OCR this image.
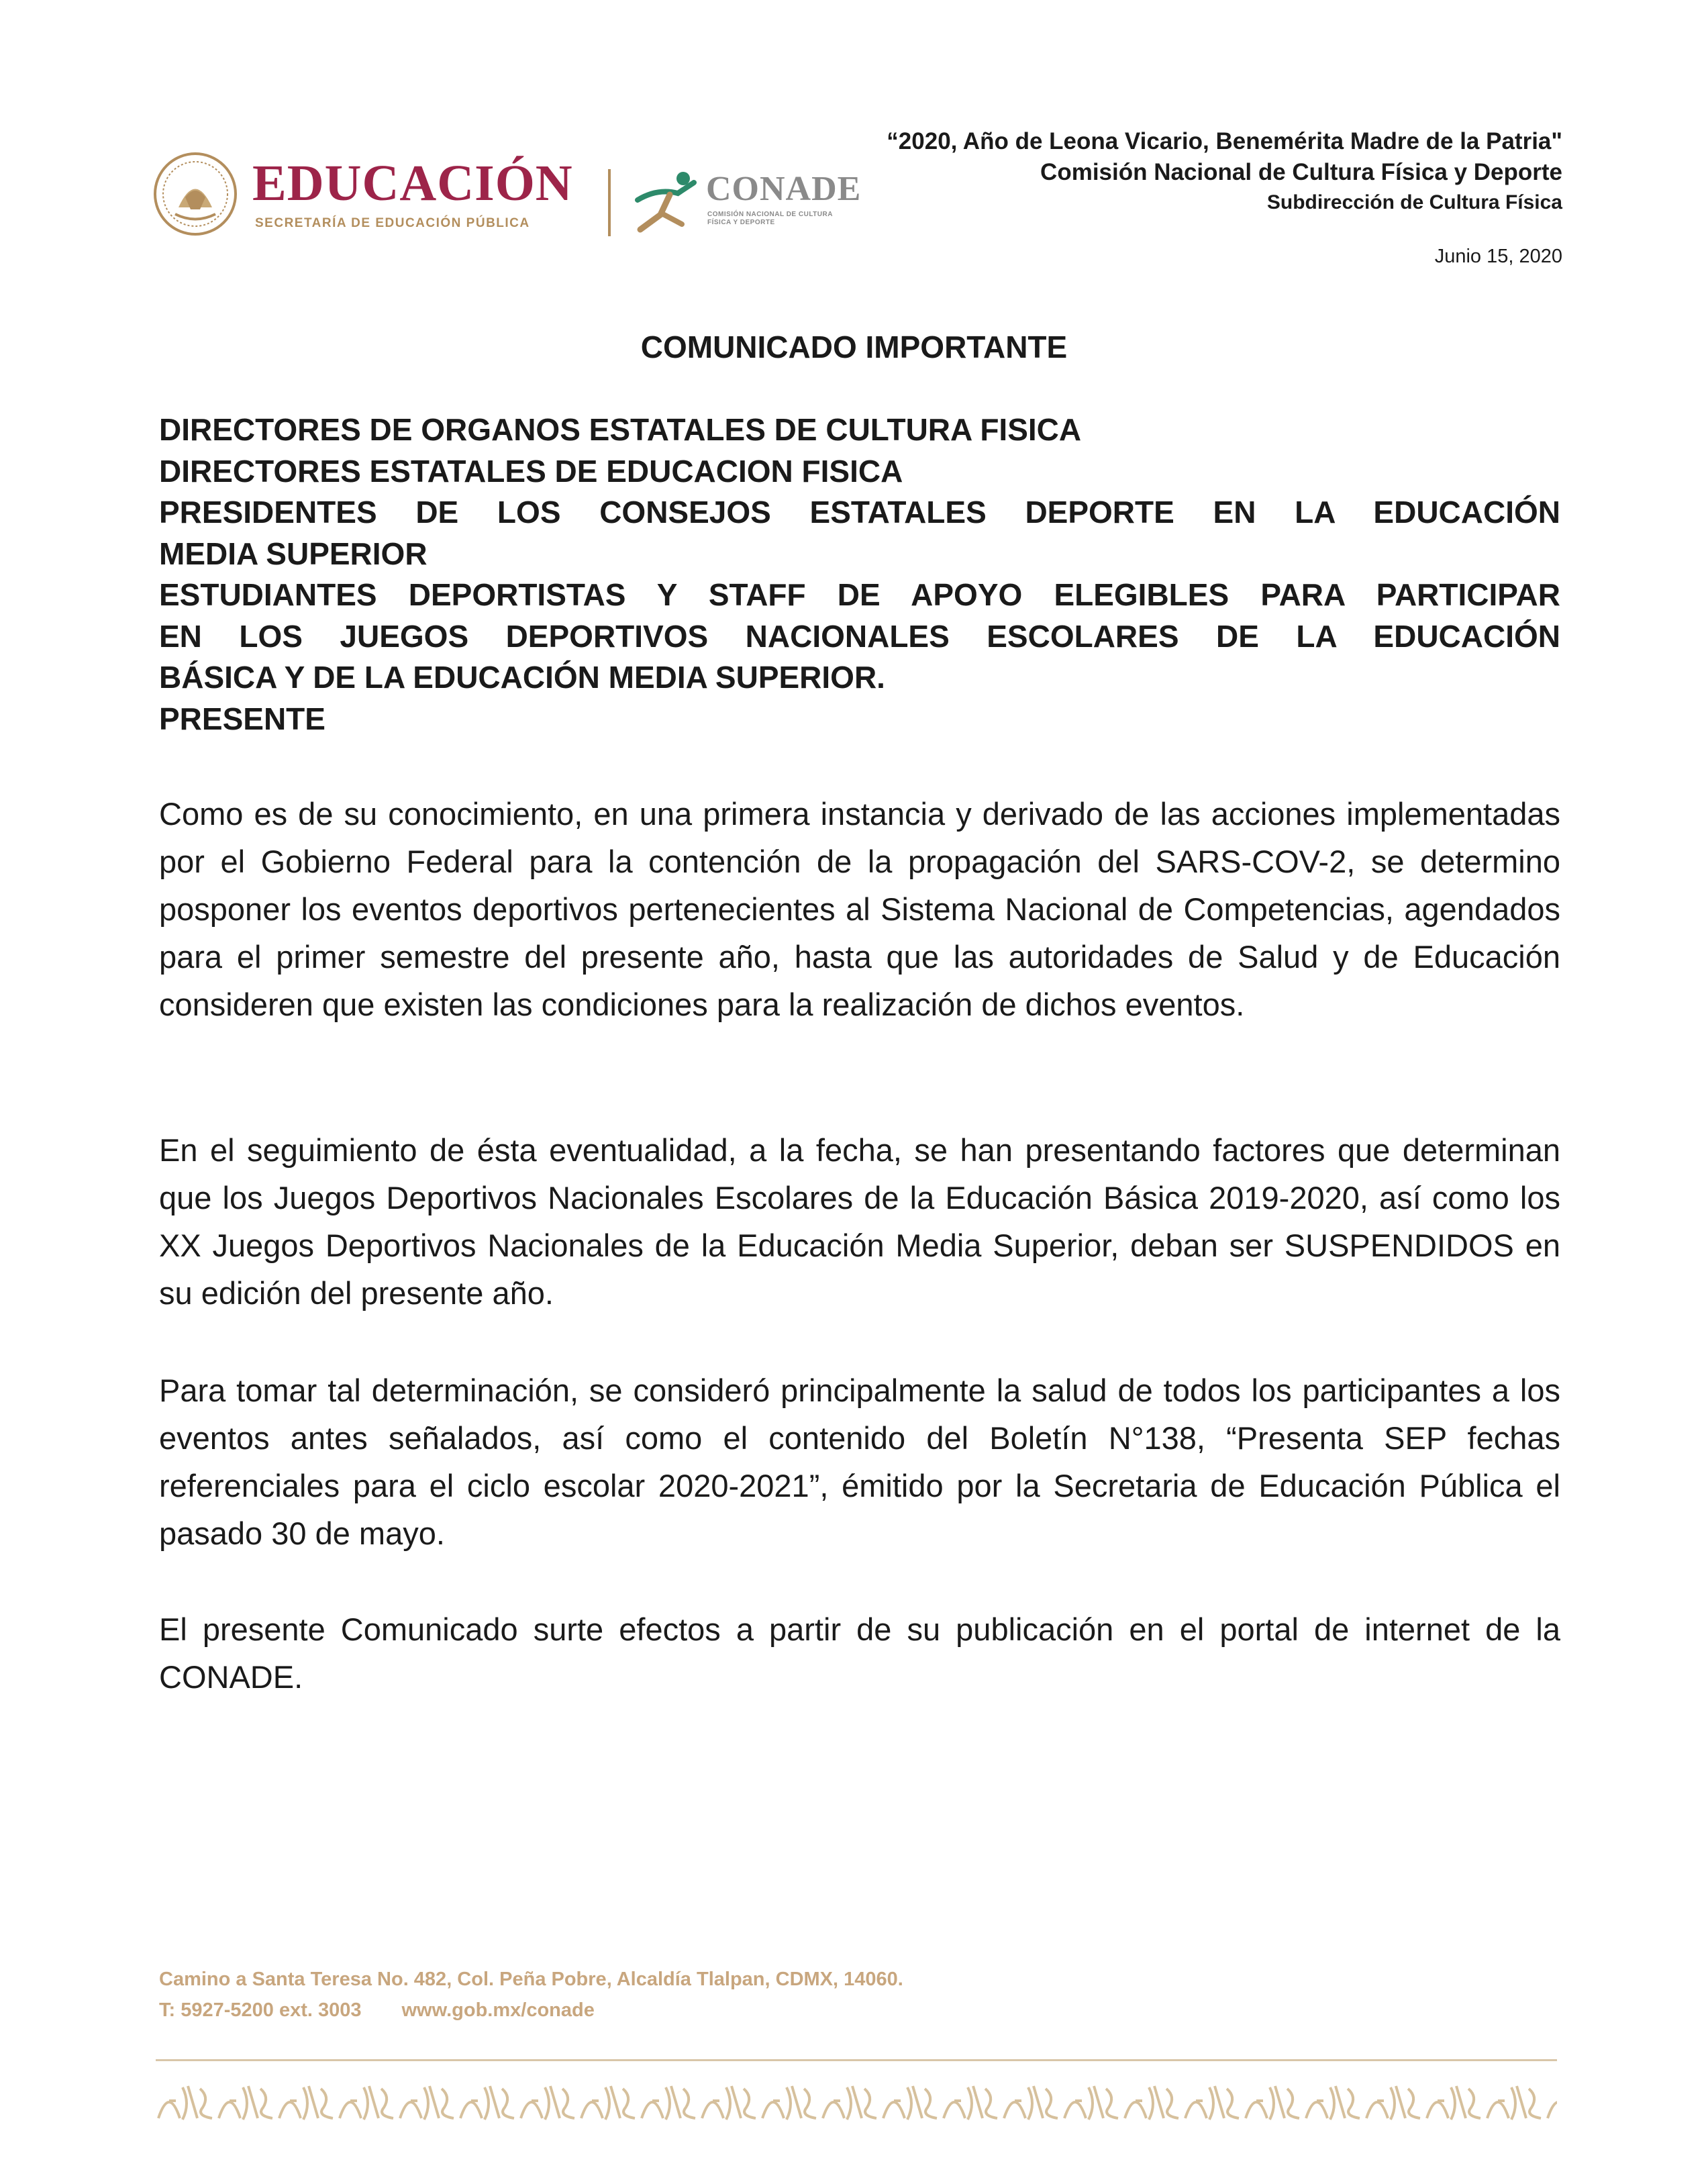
EDUCACIÓN
SECRETARÍA DE EDUCACIÓN PÚBLICA
CONADE
COMISIÓN NACIONAL DE CULTURA FÍSICA Y DEPORTE
“2020, Año de Leona Vicario, Benemérita Madre de la Patria"
Comisión Nacional de Cultura Física y Deporte
Subdirección de Cultura Física
Junio 15, 2020
COMUNICADO IMPORTANTE
DIRECTORES DE ORGANOS ESTATALES DE CULTURA FISICA
DIRECTORES ESTATALES DE EDUCACION FISICA
PRESIDENTES DE LOS CONSEJOS ESTATALES DEPORTE EN LA EDUCACIÓN
MEDIA SUPERIOR
ESTUDIANTES DEPORTISTAS Y STAFF DE APOYO ELEGIBLES PARA PARTICIPAR
EN LOS JUEGOS DEPORTIVOS NACIONALES ESCOLARES DE LA EDUCACIÓN
BÁSICA Y DE LA EDUCACIÓN MEDIA SUPERIOR.
PRESENTE
Como es de su conocimiento, en una primera instancia y derivado de las acciones implementadas por el Gobierno Federal para la contención de la propagación del SARS-COV-2, se determino posponer los eventos deportivos pertenecientes al Sistema Nacional de Competencias, agendados para el primer semestre del presente año, hasta que las autoridades de Salud y de Educación consideren que existen las condiciones para la realización de dichos eventos.
En el seguimiento de ésta eventualidad, a la fecha, se han presentando factores que determinan que los Juegos Deportivos Nacionales Escolares de la Educación Básica 2019-2020, así como los XX Juegos Deportivos Nacionales de la Educación Media Superior, deban ser SUSPENDIDOS en su edición del presente año.
Para tomar tal determinación, se consideró principalmente la salud de todos los participantes a los eventos antes señalados, así como el contenido del Boletín N°138, “Presenta SEP fechas referenciales para el ciclo escolar 2020-2021”, émitido por la Secretaria de Educación Pública el pasado 30 de mayo.
El presente Comunicado surte efectos a partir de su publicación en el portal de internet de la CONADE.
Camino a Santa Teresa No. 482, Col. Peña Pobre, Alcaldía Tlalpan, CDMX, 14060.
T: 5927-5200 ext. 3003 www.gob.mx/conade
